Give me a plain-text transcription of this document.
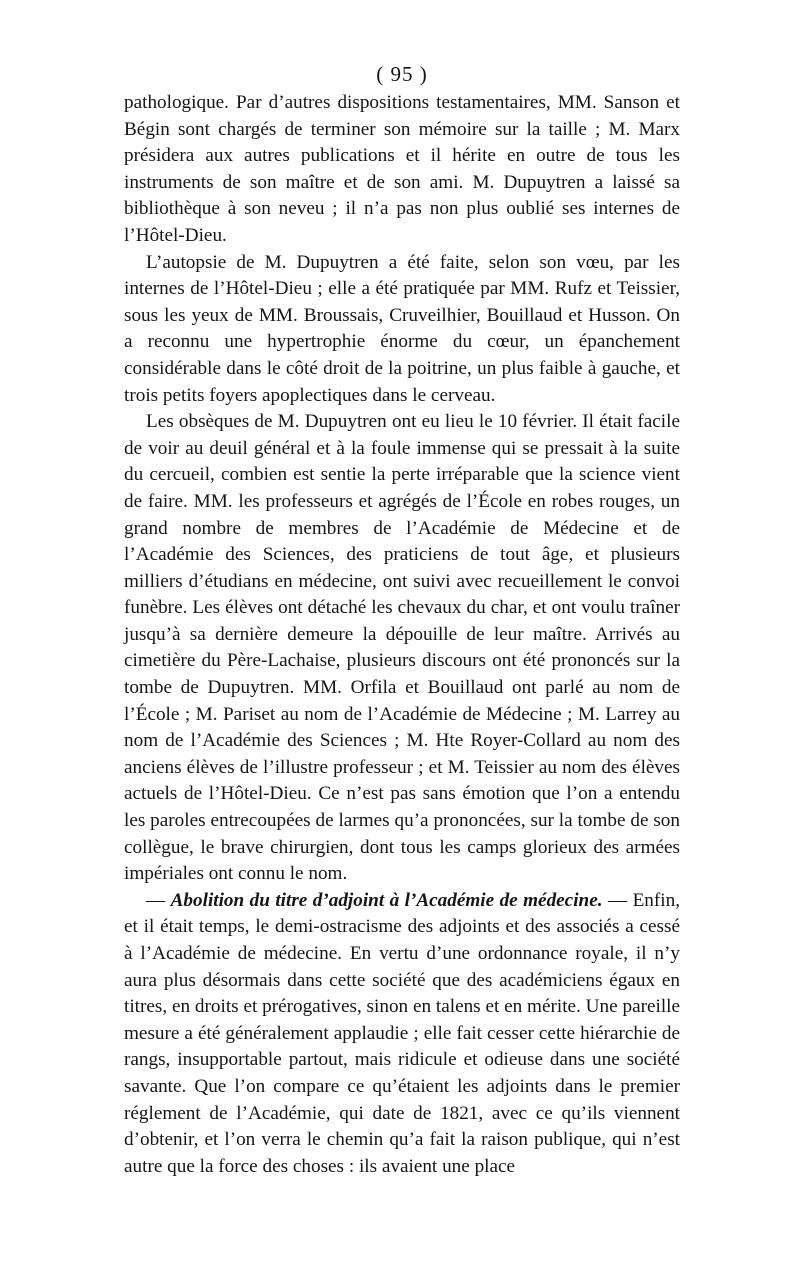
( 95 )

pathologique. Par d’autres dispositions testamentaires, MM. Sanson et Bégin sont chargés de terminer son mémoire sur la taille ; M. Marx présidera aux autres publications et il hérite en outre de tous les instruments de son maître et de son ami. M. Dupuytren a laissé sa bibliothèque à son neveu ; il n’a pas non plus oublié ses internes de l’Hôtel-Dieu.

L’autopsie de M. Dupuytren a été faite, selon son vœu, par les internes de l’Hôtel-Dieu ; elle a été pratiquée par MM. Rufz et Teissier, sous les yeux de MM. Broussais, Cruveilhier, Bouillaud et Husson. On a reconnu une hypertrophie énorme du cœur, un épanchement considérable dans le côté droit de la poitrine, un plus faible à gauche, et trois petits foyers apoplectiques dans le cerveau.

Les obsèques de M. Dupuytren ont eu lieu le 10 février. Il était facile de voir au deuil général et à la foule immense qui se pressait à la suite du cercueil, combien est sentie la perte irréparable que la science vient de faire. MM. les professeurs et agrégés de l’École en robes rouges, un grand nombre de membres de l’Académie de Médecine et de l’Académie des Sciences, des praticiens de tout âge, et plusieurs milliers d’étudians en médecine, ont suivi avec recueillement le convoi funèbre. Les élèves ont détaché les chevaux du char, et ont voulu traîner jusqu’à sa dernière demeure la dépouille de leur maître. Arrivés au cimetière du Père-Lachaise, plusieurs discours ont été prononcés sur la tombe de Dupuytren. MM. Orfila et Bouillaud ont parlé au nom de l’École ; M. Pariset au nom de l’Académie de Médecine ; M. Larrey au nom de l’Académie des Sciences ; M. Hte Royer-Collard au nom des anciens élèves de l’illustre professeur ; et M. Teissier au nom des élèves actuels de l’Hôtel-Dieu. Ce n’est pas sans émotion que l’on a entendu les paroles entrecoupées de larmes qu’a prononcées, sur la tombe de son collègue, le brave chirurgien, dont tous les camps glorieux des armées impériales ont connu le nom.

— Abolition du titre d’adjoint à l’Académie de médecine. — Enfin, et il était temps, le demi-ostracisme des adjoints et des associés a cessé à l’Académie de médecine. En vertu d’une ordonnance royale, il n’y aura plus désormais dans cette société que des académiciens égaux en titres, en droits et prérogatives, sinon en talens et en mérite. Une pareille mesure a été généralement applaudie ; elle fait cesser cette hiérarchie de rangs, insupportable partout, mais ridicule et odieuse dans une société savante. Que l’on compare ce qu’étaient les adjoints dans le premier réglement de l’Académie, qui date de 1821, avec ce qu’ils viennent d’obtenir, et l’on verra le chemin qu’a fait la raison publique, qui n’est autre que la force des choses : ils avaient une place
